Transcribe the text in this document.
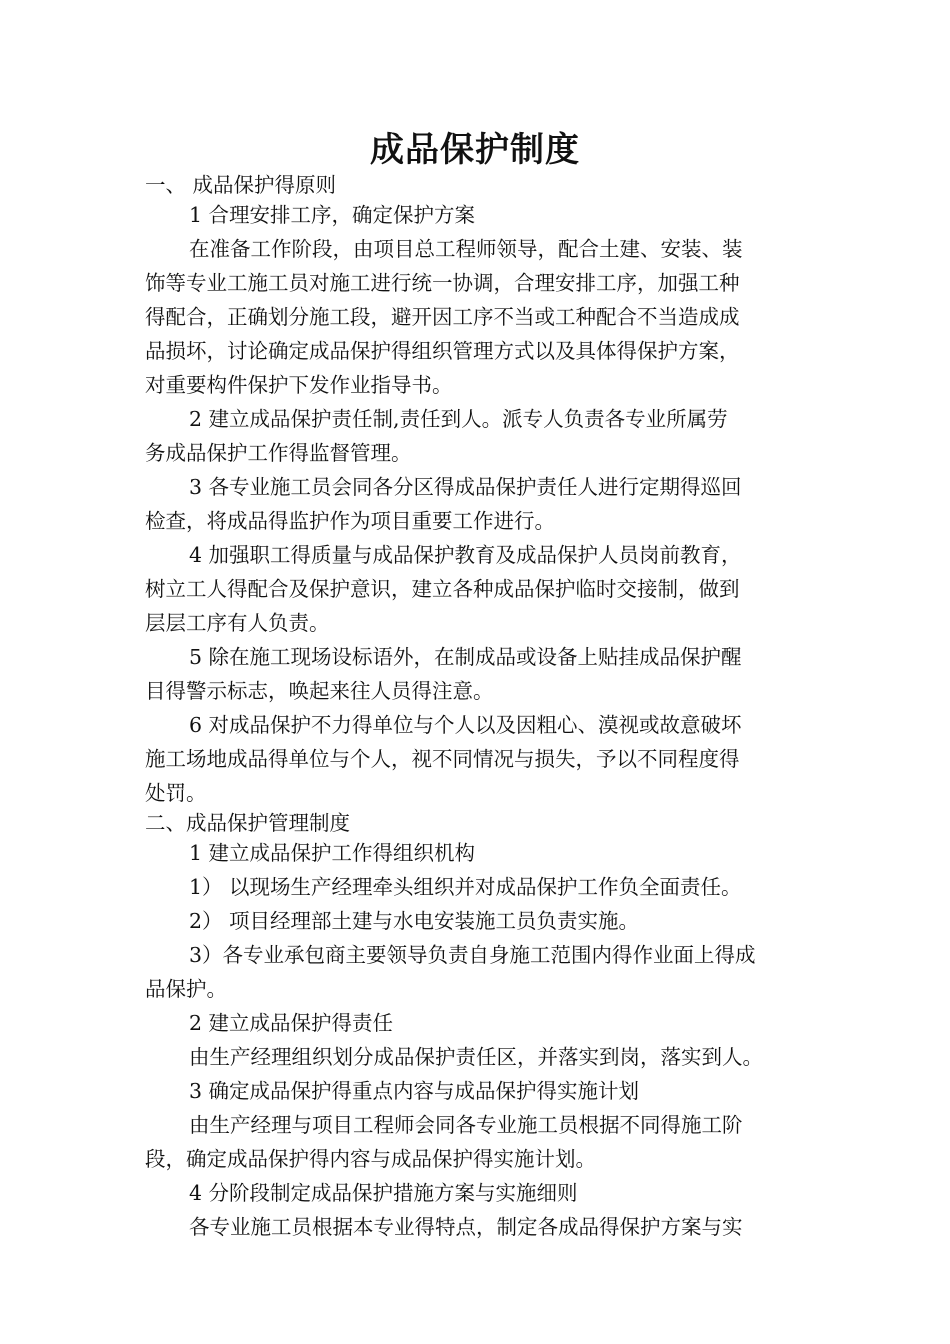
成品保护制度
一、 成品保护得原则
1 合理安排工序，确定保护方案
在准备工作阶段，由项目总工程师领导，配合土建、安装、装
饰等专业工施工员对施工进行统一协调，合理安排工序，加强工种
得配合，正确划分施工段，避开因工序不当或工种配合不当造成成
品损坏，讨论确定成品保护得组织管理方式以及具体得保护方案，
对重要构件保护下发作业指导书。
2 建立成品保护责任制,责任到人。派专人负责各专业所属劳
务成品保护工作得监督管理。
3 各专业施工员会同各分区得成品保护责任人进行定期得巡回
检查，将成品得监护作为项目重要工作进行。
4 加强职工得质量与成品保护教育及成品保护人员岗前教育，
树立工人得配合及保护意识，建立各种成品保护临时交接制，做到
层层工序有人负责。
5 除在施工现场设标语外，在制成品或设备上贴挂成品保护醒
目得警示标志，唤起来往人员得注意。
6 对成品保护不力得单位与个人以及因粗心、漠视或故意破坏
施工场地成品得单位与个人，视不同情况与损失，予以不同程度得
处罚。
二、成品保护管理制度
1 建立成品保护工作得组织机构
1） 以现场生产经理牵头组织并对成品保护工作负全面责任。
2） 项目经理部土建与水电安装施工员负责实施。
3）各专业承包商主要领导负责自身施工范围内得作业面上得成
品保护。
2 建立成品保护得责任
由生产经理组织划分成品保护责任区，并落实到岗，落实到人。
3 确定成品保护得重点内容与成品保护得实施计划
由生产经理与项目工程师会同各专业施工员根据不同得施工阶
段，确定成品保护得内容与成品保护得实施计划。
4 分阶段制定成品保护措施方案与实施细则
各专业施工员根据本专业得特点，制定各成品得保护方案与实
